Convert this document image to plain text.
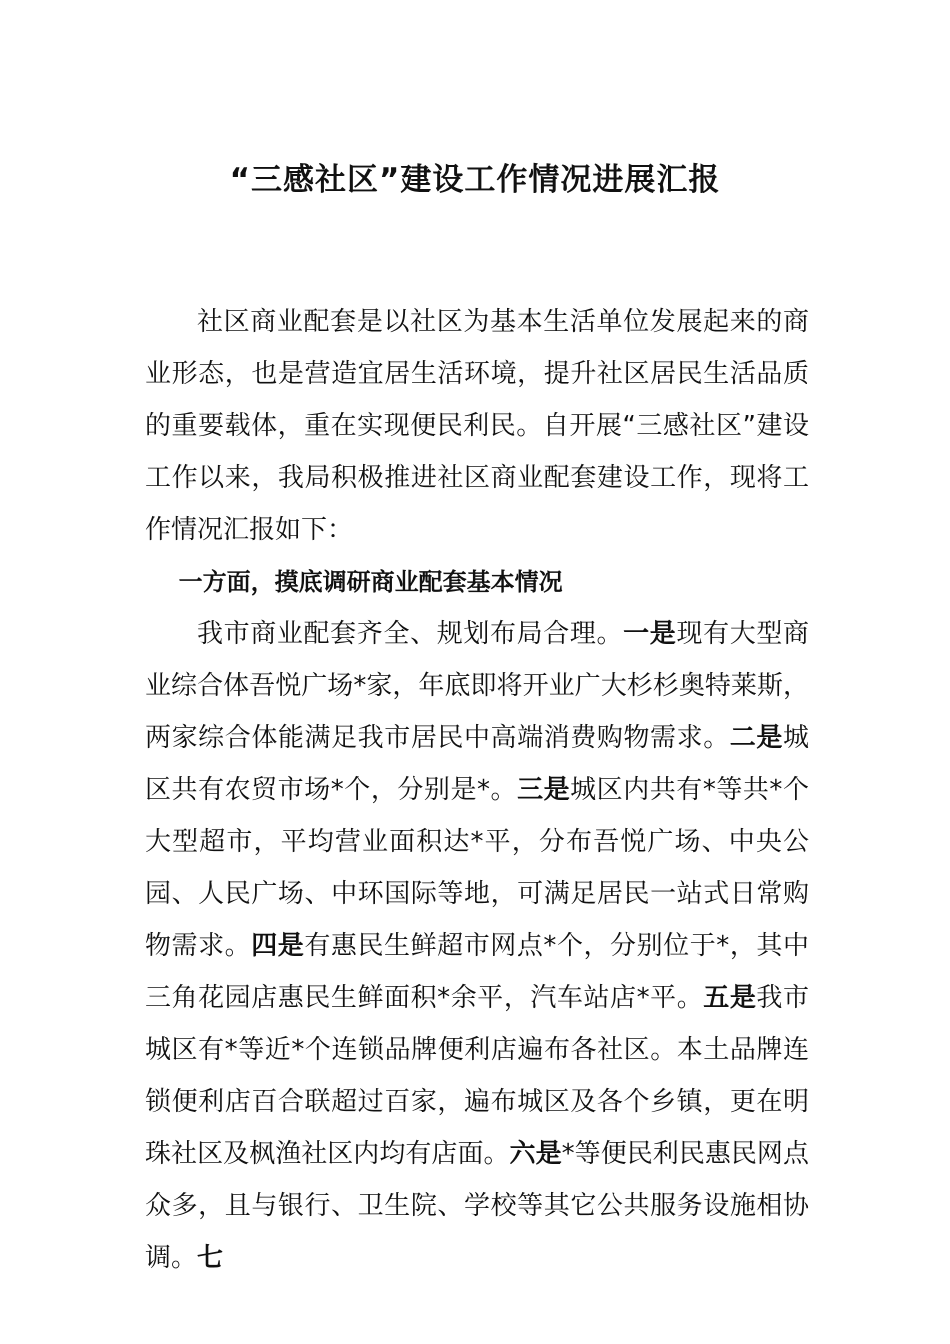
“三感社区”建设工作情况进展汇报

社区商业配套是以社区为基本生活单位发展起来的商业形态，也是营造宜居生活环境，提升社区居民生活品质的重要载体，重在实现便民利民。自开展“三感社区”建设工作以来，我局积极推进社区商业配套建设工作，现将工作情况汇报如下：

一方面，摸底调研商业配套基本情况

我市商业配套齐全、规划布局合理。一是现有大型商业综合体吾悦广场*家，年底即将开业广大杉杉奥特莱斯，两家综合体能满足我市居民中高端消费购物需求。二是城区共有农贸市场*个，分别是*。三是城区内共有*等共*个大型超市，平均营业面积达*平，分布吾悦广场、中央公园、人民广场、中环国际等地，可满足居民一站式日常购物需求。四是有惠民生鲜超市网点*个，分别位于*，其中三角花园店惠民生鲜面积*余平，汽车站店*平。五是我市城区有*等近*个连锁品牌便利店遍布各社区。本土品牌连锁便利店百合联超过百家，遍布城区及各个乡镇，更在明珠社区及枫渔社区内均有店面。六是*等便民利民惠民网点众多，且与银行、卫生院、学校等其它公共服务设施相协调。七
